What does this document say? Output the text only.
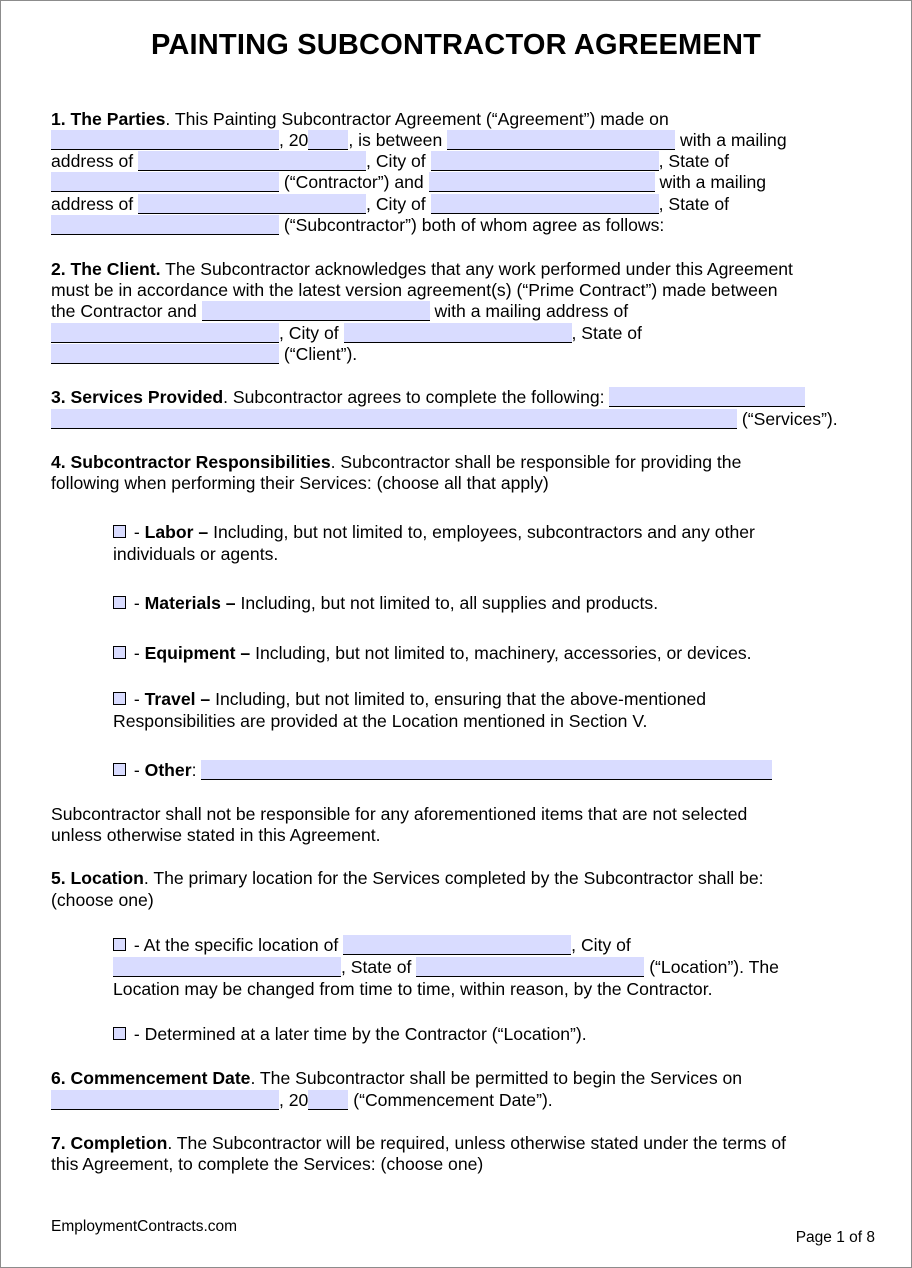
PAINTING SUBCONTRACTOR AGREEMENT
1. The Parties. This Painting Subcontractor Agreement (“Agreement”) made on
, 20 , is between	with a mailing
address of	, City of	, State of
(“Contractor”) and	with a mailing
address of	, City of	, State of
(“Subcontractor”) both of whom agree as follows:
2. The Client. The Subcontractor acknowledges that any work performed under this Agreement
must be in accordance with the latest version agreement(s) (“Prime Contract”) made between
the Contractor and	with a mailing address of
, City of	, State of
(“Client”).
3. Services Provided. Subcontractor agrees to complete the following:
(“Services”).
4. Subcontractor Responsibilities. Subcontractor shall be responsible for providing the
following when performing their Services: (choose all that apply)
- Labor – Including, but not limited to, employees, subcontractors and any other
individuals or agents.
- Materials – Including, but not limited to, all supplies and products.
- Equipment – Including, but not limited to, machinery, accessories, or devices.
- Travel – Including, but not limited to, ensuring that the above-mentioned
Responsibilities are provided at the Location mentioned in Section V.
- Other:
Subcontractor shall not be responsible for any aforementioned items that are not selected
unless otherwise stated in this Agreement.
5. Location. The primary location for the Services completed by the Subcontractor shall be:
(choose one)
- At the specific location of	, City of
, State of	(“Location”). The
Location may be changed from time to time, within reason, by the Contractor.
- Determined at a later time by the Contractor (“Location”).
6. Commencement Date. The Subcontractor shall be permitted to begin the Services on
, 20	(“Commencement Date”).
7. Completion. The Subcontractor will be required, unless otherwise stated under the terms of
this Agreement, to complete the Services: (choose one)
EmploymentContracts.com
Page 1 of 8
